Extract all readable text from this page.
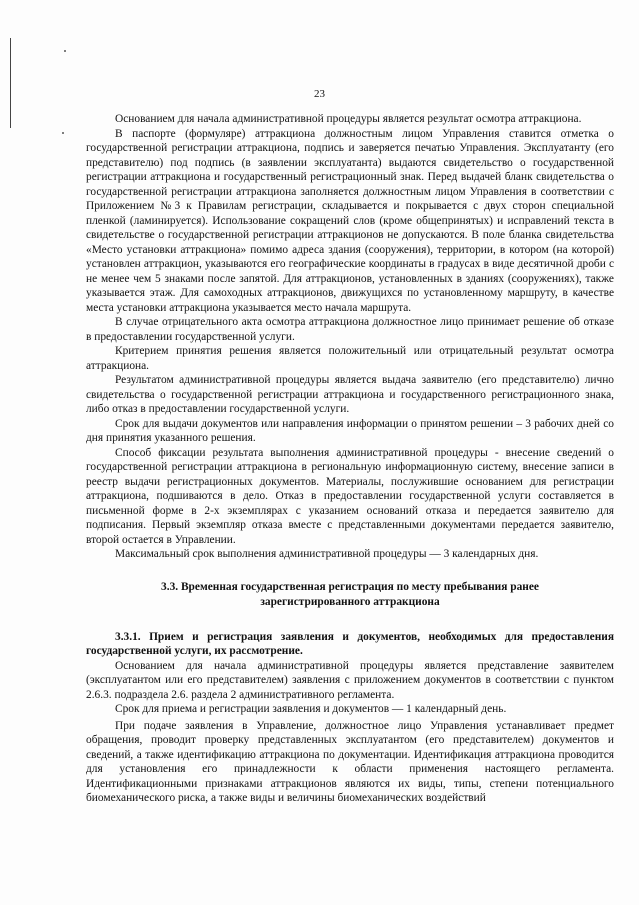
23

Основанием для начала административной процедуры является результат осмотра аттракциона.

В паспорте (формуляре) аттракциона должностным лицом Управления ставится отметка о государственной регистрации аттракциона, подпись и заверяется печатью Управления. Эксплуатанту (его представителю) под подпись (в заявлении эксплуатанта) выдаются свидетельство о государственной регистрации аттракциона и государственный регистрационный знак. Перед выдачей бланк свидетельства о государственной регистрации аттракциона заполняется должностным лицом Управления в соответствии с Приложением №3 к Правилам регистрации, складывается и покрывается с двух сторон специальной пленкой (ламинируется). Использование сокращений слов (кроме общепринятых) и исправлений текста в свидетельстве о государственной регистрации аттракционов не допускаются. В поле бланка свидетельства «Место установки аттракциона» помимо адреса здания (сооружения), территории, в котором (на которой) установлен аттракцион, указываются его географические координаты в градусах в виде десятичной дроби с не менее чем 5 знаками после запятой. Для аттракционов, установленных в зданиях (сооружениях), также указывается этаж. Для самоходных аттракционов, движущихся по установленному маршруту, в качестве места установки аттракциона указывается место начала маршрута.

В случае отрицательного акта осмотра аттракциона должностное лицо принимает решение об отказе в предоставлении государственной услуги.

Критерием принятия решения является положительный или отрицательный результат осмотра аттракциона.

Результатом административной процедуры является выдача заявителю (его представителю) лично свидетельства о государственной регистрации аттракциона и государственного регистрационного знака, либо отказ в предоставлении государственной услуги.

Срок для выдачи документов или направления информации о принятом решении – 3 рабочих дней со дня принятия указанного решения.

Способ фиксации результата выполнения административной процедуры - внесение сведений о государственной регистрации аттракциона в региональную информационную систему, внесение записи в реестр выдачи регистрационных документов. Материалы, послужившие основанием для регистрации аттракциона, подшиваются в дело. Отказ в предоставлении государственной услуги составляется в письменной форме в 2-х экземплярах с указанием оснований отказа и передается заявителю для подписания. Первый экземпляр отказа вместе с представленными документами передается заявителю, второй остается в Управлении.

Максимальный срок выполнения административной процедуры — 3 календарных дня.

3.3. Временная государственная регистрация по месту пребывания ранее
зарегистрированного аттракциона

3.3.1. Прием и регистрация заявления и документов, необходимых для предоставления государственной услуги, их рассмотрение.

Основанием для начала административной процедуры является представление заявителем (эксплуатантом или его представителем) заявления с приложением документов в соответствии с пунктом 2.6.3. подраздела 2.6. раздела 2 административного регламента.

Срок для приема и регистрации заявления и документов — 1 календарный день.

При подаче заявления в Управление, должностное лицо Управления устанавливает предмет обращения, проводит проверку представленных эксплуатантом (его представителем) документов и сведений, а также идентификацию аттракциона по документации. Идентификация аттракциона проводится для установления его принадлежности к области применения настоящего регламента. Идентификационными признаками аттракционов являются их виды, типы, степени потенциального биомеханического риска, а также виды и величины биомеханических воздействий
